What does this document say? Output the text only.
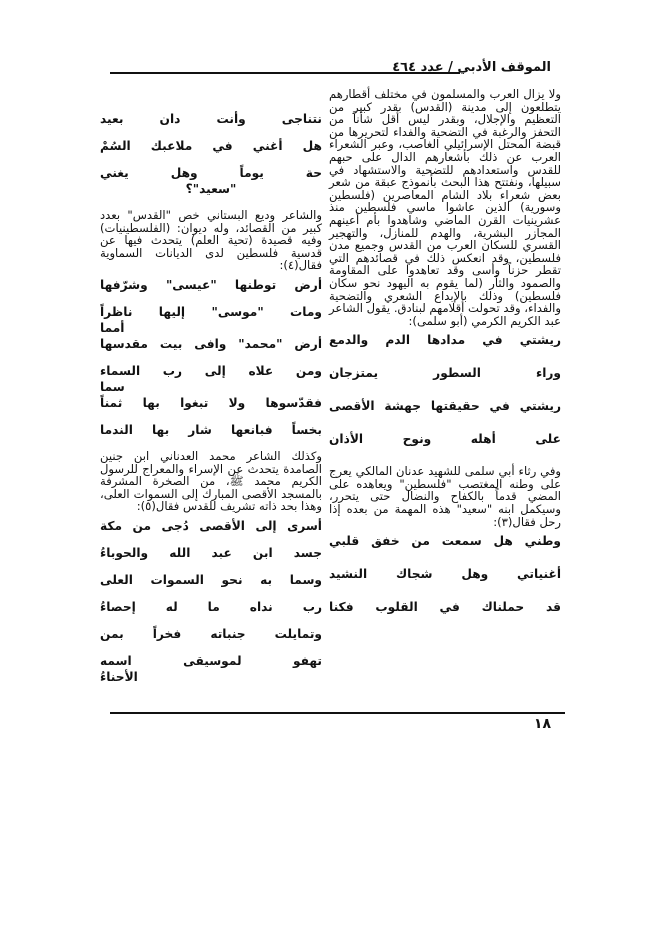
الموقف الأدبي / عدد ٤٦٤

ولا يزال العرب والمسلمون في مختلف أقطارهم يتطلعون إلى مدينة (القدس) بقدر كبير من التعظيم والإجلال، وبقدر ليس أقل شأناً من التحفز والرغبة في التضحية والفداء لتحريرها من قبضة المحتل الإسرائيلي الغاصب، وعبر الشعراء العرب عن ذلك بأشعارهم الدال على حبهم للقدس واستعدادهم للتضحية والاستشهاد في سبيلها، ونفتتح هذا البحث بأنموذج عبقة من شعر بعض شعراء بلاد الشام المعاصرين (فلسطين وسورية) الذين عاشوا ماسي فلسطين منذ عشرينيات القرن الماضي وشاهدوا بأم أعينهم المجازر البشرية، والهدم للمنازل، والتهجير القسري للسكان العرب من القدس وجميع مدن فلسطين، وقد انعكس ذلك في قصائدهم التي تقطر حزناً وأسى وقد تعاهدوا على المقاومة والصمود والثأر (لما يقوم به اليهود نحو سكان فلسطين) وذلك بالإبداع الشعري والتضحية والفداء، وقد تحولت أقلامهم لبنادق. يقول الشاعر عبد الكريم الكرمي (أبو سلمى):

ريشتي في مدادها الدم والدمع

وراء السطور يمتزجان

ريشتي في حقيقتها جهشة الأقصى

على أهله ونوح الأذان

وفي رثاء أبي سلمى للشهيد عدنان المالكي يعرج على وطنه المغتصب "فلسطين" ويعاهده على المضي قدماً بالكفاح والنضال حتى يتحرر، وسيكمل ابنه "سعيد" هذه المهمة من بعده إذا رحل فقال(٣):

وطني هل سمعت من خفق قلبي

أغنياتي وهل شجاك النشيد

قد حملناك في القلوب فكنا

نتناجى وأنت دان بعيد

هل أغني في ملاعبك السُمْ

حة يوماً وهل يغني

"سعيد"؟

والشاعر وديع البستاني خص "القدس" بعدد كبير من القصائد، وله ديوان: (الفلسطينيات) وفيه قصيدة (تحية العلم) يتحدث فيها عن قدسية فلسطين لدى الديانات السماوية فقال(٤):

أرض توطنها "عيسى" وشرّفها

ومات "موسى" إليها ناظراً

أمما

أرض "محمد" وافى بيت مقدسها

ومن علاه إلى رب السماء

سما

فقدّسوها ولا تبغوا بها ثمناً

بخساً فبانعها شار بها الندما

وكذلك الشاعر محمد العدناني ابن جنين الصامدة يتحدث عن الإسراء والمعراج للرسول الكريم محمد ﷺ، من الصخرة المشرفة بالمسجد الأقصى المبارك إلى السموات العلى، وهذا بحد ذاته تشريف للقدس فقال(٥):

أسرى إلى الأقصى دُجى من مكة

جسد ابن عبد الله والحوباءُ

وسما به نحو السموات العلى

رب نداه ما له إحصاءُ

وتمايلت جنباته فخراً بمن

تهفو لموسيقى اسمه

الأحناءُ

١٨
